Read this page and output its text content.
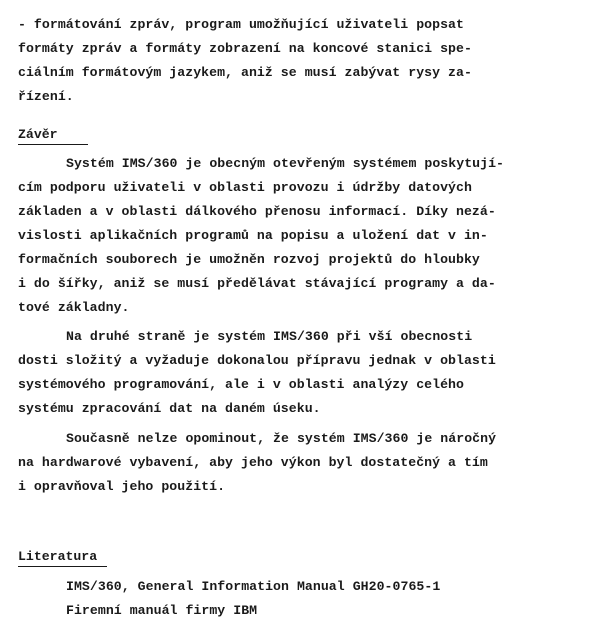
- formátování zpráv, program umožňující uživateli popsat
formáty zpráv a formáty zobrazení na koncové stanici spe-
ciálním formátovým jazykem, aniž se musí zabývat rysy za-
řízení.
Závěr
Systém IMS/360 je obecným otevřeným systémem poskytují-
cím podporu uživateli v oblasti provozu i údržby datových
základen a v oblasti dálkového přenosu informací. Díky nezá-
vislosti aplikačních programů na popisu a uložení dat v in-
formačních souborech je umožněn rozvoj projektů do hloubky
i do šířky, aniž se musí předělávat stávající programy a da-
tové základny.
Na druhé straně je systém IMS/360 při vší obecnosti
dosti složitý a vyžaduje dokonalou přípravu jednak v oblasti
systémového programování, ale i v oblasti analýzy celého
systému zpracování dat na daném úseku.
Současně nelze opominout, že systém IMS/360 je náročný
na hardwarové vybavení, aby jeho výkon byl dostatečný a tím
i opravňoval jeho použití.
Literatura
IMS/360, General Information Manual GH20-0765-1
Firemní manuál firmy IBM
